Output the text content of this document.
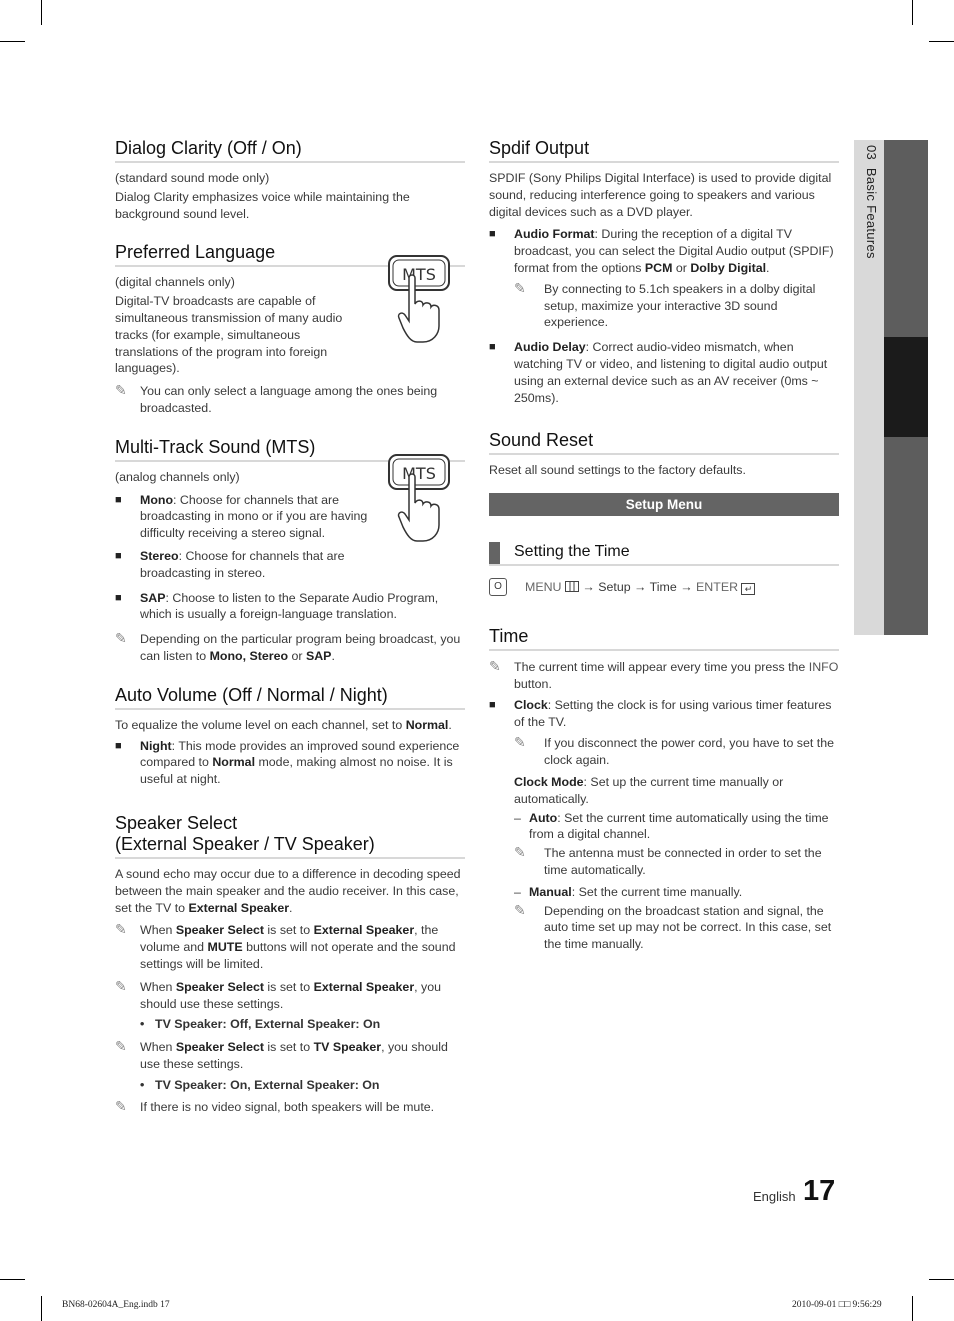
03  Basic Features
Dialog Clarity (Off / On)

(standard sound mode only)

Dialog Clarity emphasizes voice while maintaining the background sound level.

Preferred Language
MTS

(digital channels only)

Digital-TV broadcasts are capable of simultaneous transmission of many audio tracks (for example, simultaneous translations of the program into foreign languages).

✎ You can only select a language among the ones being broadcasted.
Multi-Track Sound (MTS)
MTS

(analog channels only)

■ Mono: Choose for channels that are broadcasting in mono or if you are having difficulty receiving a stereo signal.
■ Stereo: Choose for channels that are broadcasting in stereo.
■ SAP: Choose to listen to the Separate Audio Program, which is usually a foreign-language translation.
✎ Depending on the particular program being broadcast, you can listen to Mono, Stereo or SAP.
Auto Volume (Off / Normal / Night)

To equalize the volume level on each channel, set to Normal.

■ Night: This mode provides an improved sound experience compared to Normal mode, making almost no noise. It is useful at night.
Speaker Select
(External Speaker / TV Speaker)

A sound echo may occur due to a difference in decoding speed between the main speaker and the audio receiver. In this case, set the TV to External Speaker.

✎ When Speaker Select is set to External Speaker, the volume and MUTE buttons will not operate and the sound settings will be limited.
✎ When Speaker Select is set to External Speaker, you should use these settings.
• TV Speaker: Off, External Speaker: On
✎ When Speaker Select is set to TV Speaker, you should use these settings.
• TV Speaker: On, External Speaker: On
✎ If there is no video signal, both speakers will be mute.
Spdif Output

SPDIF (Sony Philips Digital Interface) is used to provide digital sound, reducing interference going to speakers and various digital devices such as a DVD player.

■ Audio Format: During the reception of a digital TV broadcast, you can select the Digital Audio output (SPDIF) format from the options PCM or Dolby Digital.
✎ By connecting to 5.1ch speakers in a dolby digital setup, maximize your interactive 3D sound experience.
■ Audio Delay: Correct audio-video mismatch, when watching TV or video, and listening to digital audio output using an external device such as an AV receiver (0ms ~ 250ms).
Sound Reset

Reset all sound settings to the factory defaults.

Setup Menu
Setting the Time
O	MENU  → Setup → Time → ENTER ↵
Time
✎ The current time will appear every time you press the INFO button.
■ Clock: Setting the clock is for using various timer features of the TV.
✎ If you disconnect the power cord, you have to set the clock again.
Clock Mode: Set up the current time manually or automatically.
– Auto: Set the current time automatically using the time from a digital channel.
✎ The antenna must be connected in order to set the time automatically.
– Manual: Set the current time manually.
✎ Depending on the broadcast station and signal, the auto time set up may not be correct. In this case, set the time manually.
English 17
BN68-02604A_Eng.indb 17	2010-09-01 □□ 9:56:29
